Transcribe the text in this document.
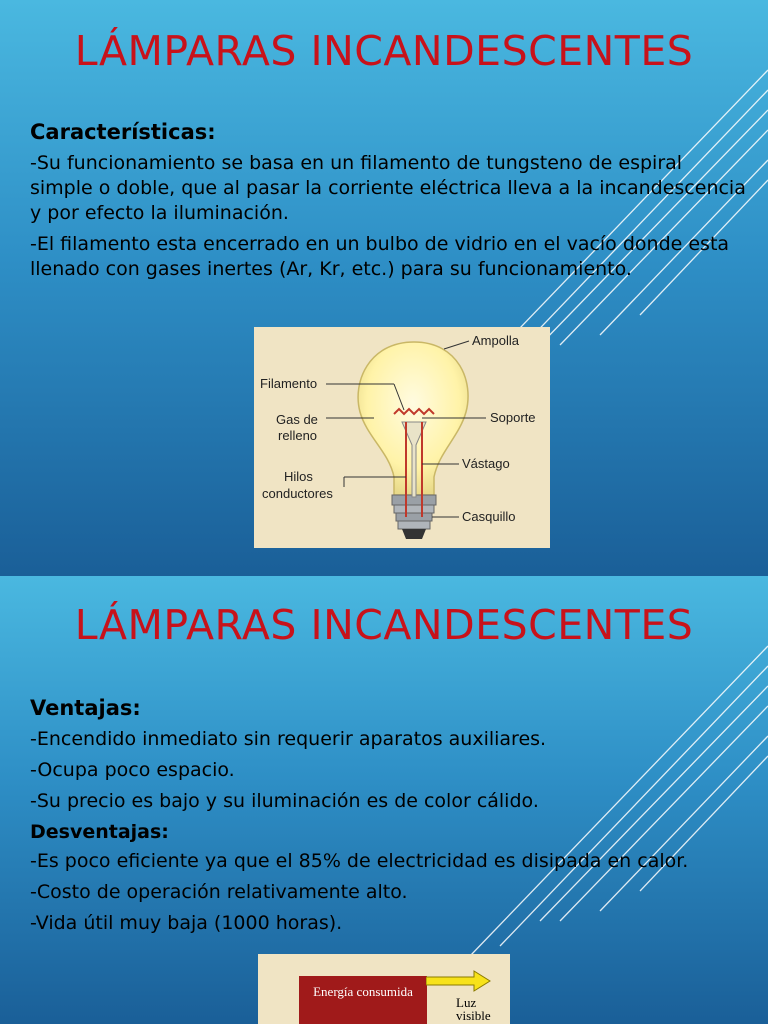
LÁMPARAS INCANDESCENTES
Características:

-Su funcionamiento se basa en un filamento de tungsteno de espiral simple o doble, que al pasar la corriente eléctrica lleva a la incandescencia y por efecto la iluminación.

-El filamento esta encerrado en un bulbo de vidrio en el vacío donde esta llenado con gases inertes (Ar, Kr, etc.) para su funcionamiento.

Ampolla
Filamento
Gas de
relleno
Soporte
Vástago
Hilos
conductores
Casquillo
LÁMPARAS INCANDESCENTES
Ventajas:

-Encendido inmediato sin requerir aparatos auxiliares.

-Ocupa poco espacio.

-Su precio es bajo y su iluminación es de color cálido.

Desventajas:

-Es poco eficiente ya que el 85% de electricidad es disipada en calor.

-Costo de operación relativamente alto.

-Vida útil muy baja (1000 horas).

Energía consumida
Luz
visible
